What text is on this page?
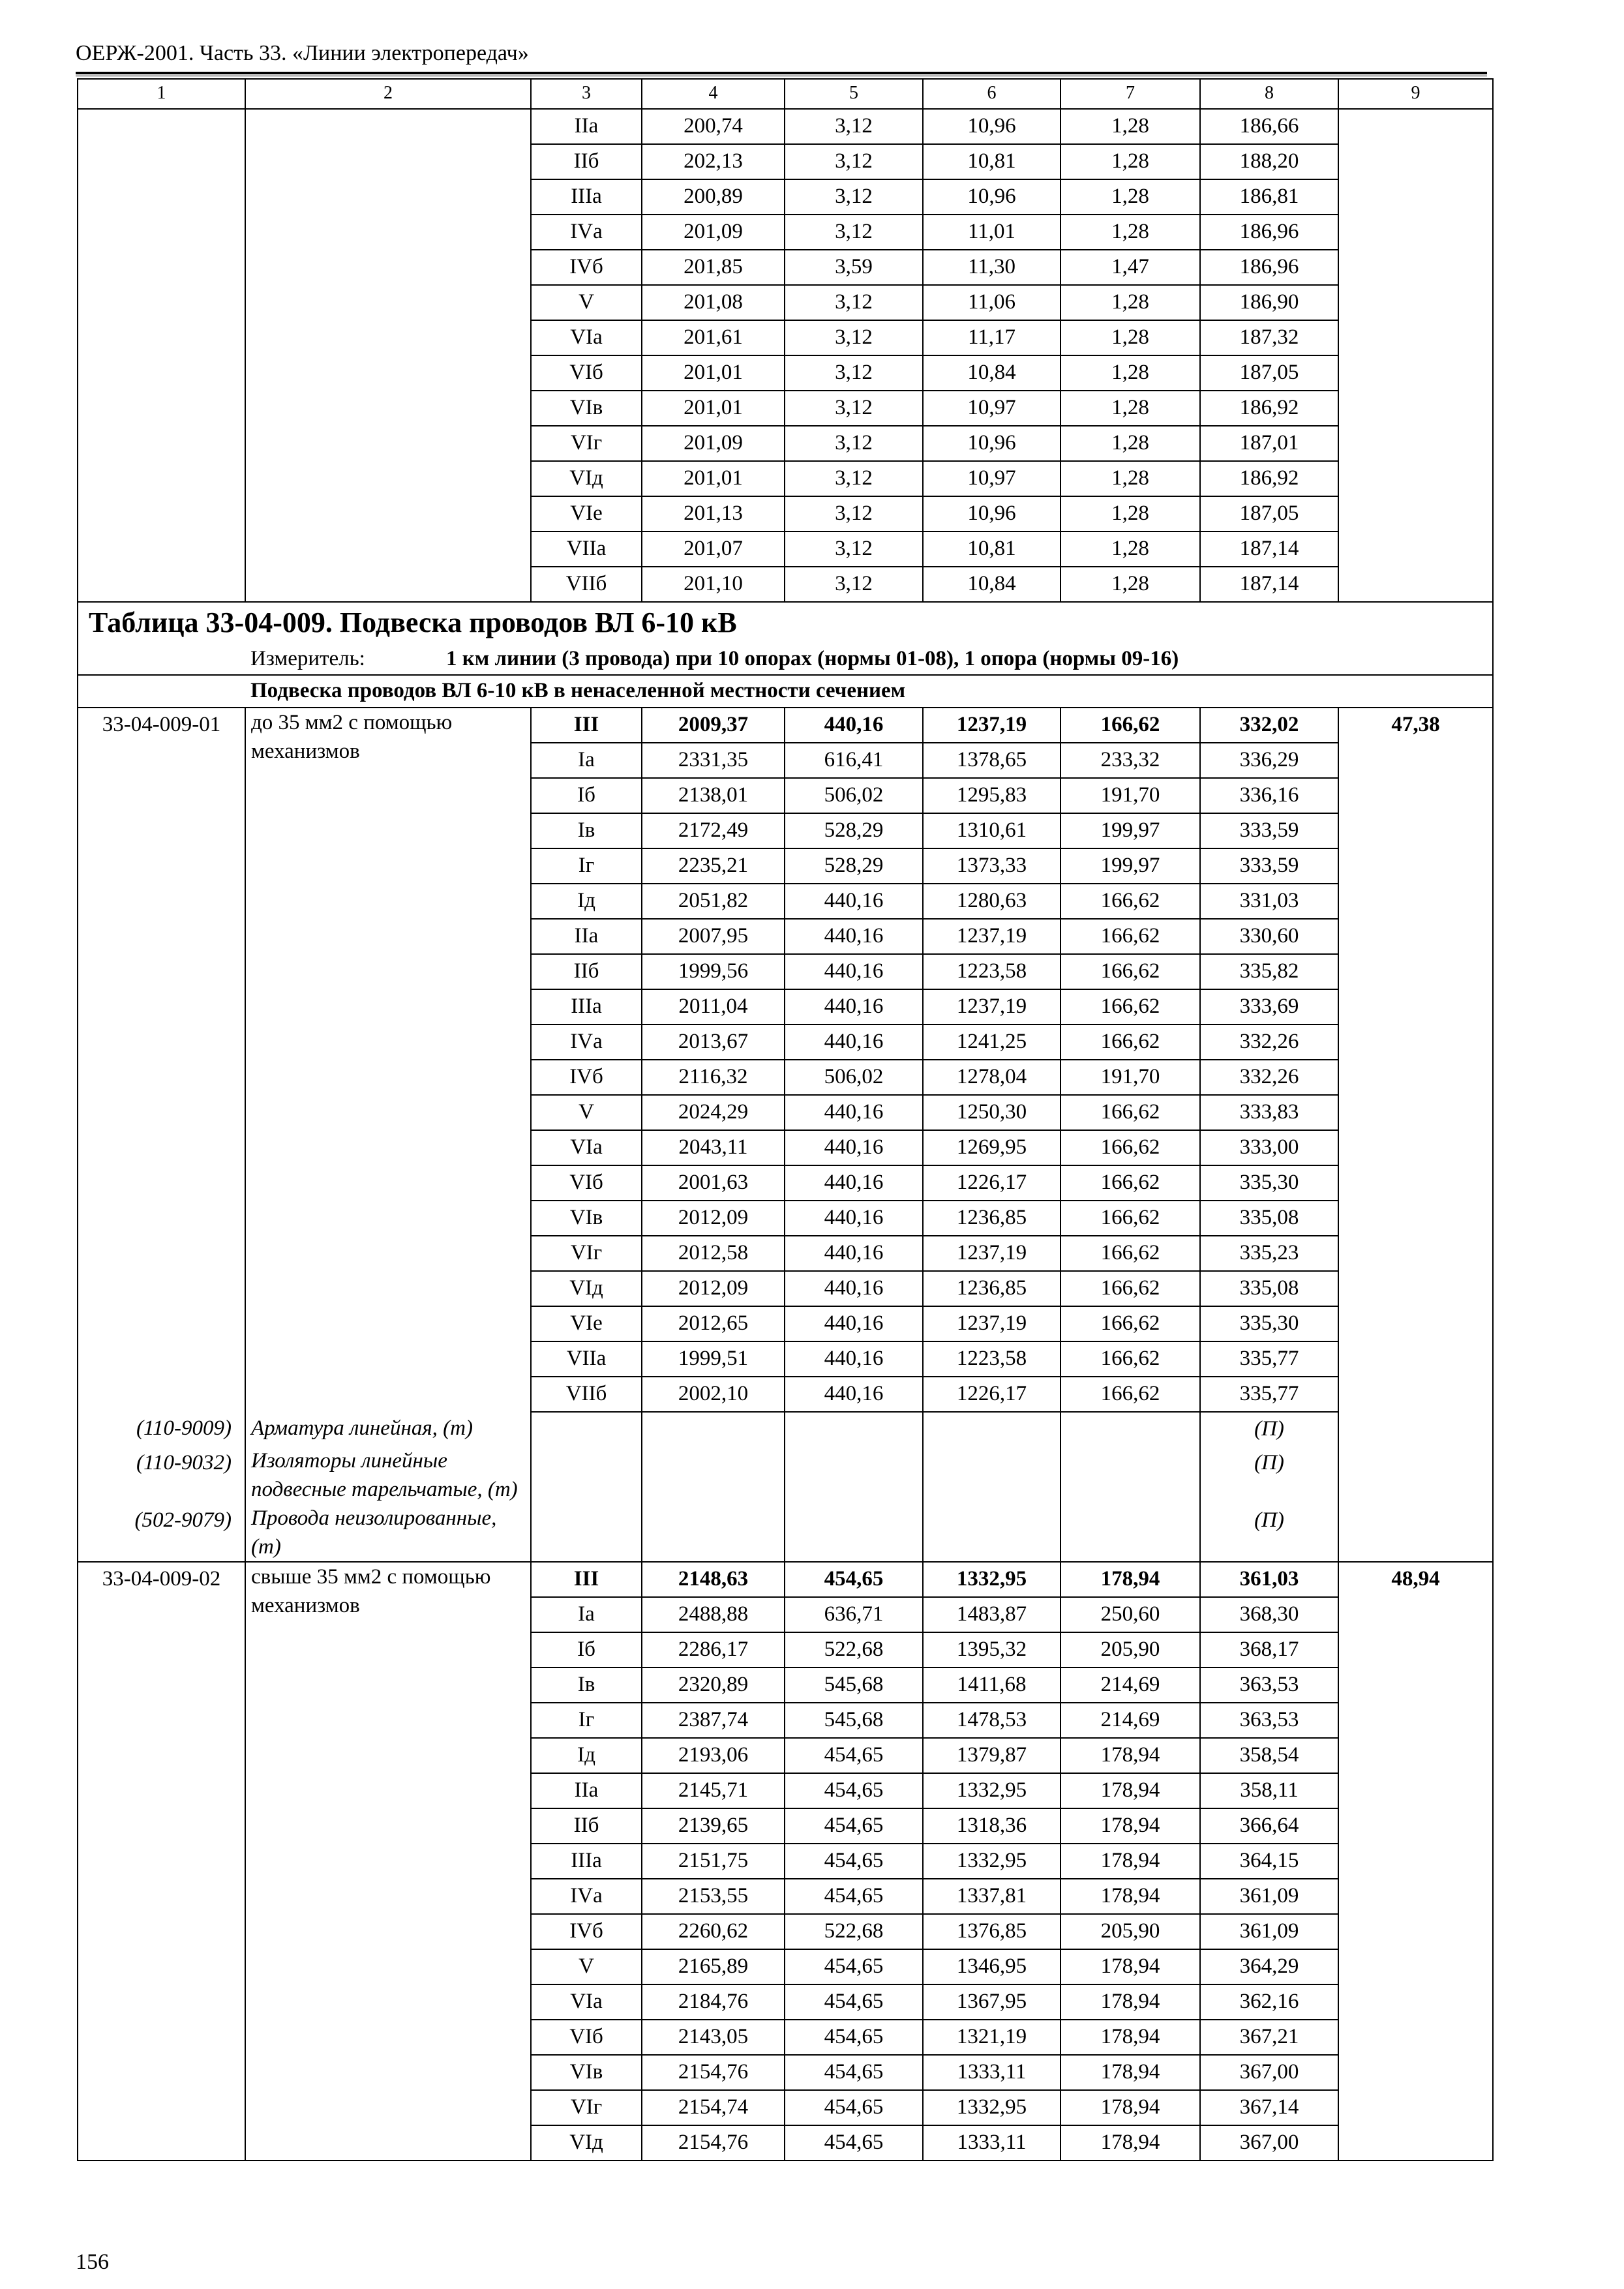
ОЕРЖ-2001. Часть 33. «Линии электропередач»
1	2	3	4	5	6	7	8	9
		IIа	200,74	3,12	10,96	1,28	186,66	
		IIб	202,13	3,12	10,81	1,28	188,20	
		IIIа	200,89	3,12	10,96	1,28	186,81	
		IVа	201,09	3,12	11,01	1,28	186,96	
		IVб	201,85	3,59	11,30	1,47	186,96	
		V	201,08	3,12	11,06	1,28	186,90	
		VIа	201,61	3,12	11,17	1,28	187,32	
		VIб	201,01	3,12	10,84	1,28	187,05	
		VIв	201,01	3,12	10,97	1,28	186,92	
		VIг	201,09	3,12	10,96	1,28	187,01	
		VIд	201,01	3,12	10,97	1,28	186,92	
		VIе	201,13	3,12	10,96	1,28	187,05	
		VIIа	201,07	3,12	10,81	1,28	187,14	
		VIIб	201,10	3,12	10,84	1,28	187,14	

Таблица 33-04-009. Подвеска проводов ВЛ 6-10 кВ								

Измеритель: 1 км линии (3 провода) при 10 опорах (нормы 01-08), 1 опора (нормы 09-16)								

Подвеска проводов ВЛ 6-10 кВ в ненаселенной местности сечением								

33-04-009-01	до 35 мм2 с помощью механизмов	III	2009,37	440,16	1237,19	166,62	332,02	47,38
		Iа	2331,35	616,41	1378,65	233,32	336,29	
		Iб	2138,01	506,02	1295,83	191,70	336,16	
		Iв	2172,49	528,29	1310,61	199,97	333,59	
		Iг	2235,21	528,29	1373,33	199,97	333,59	
		Iд	2051,82	440,16	1280,63	166,62	331,03	
		IIа	2007,95	440,16	1237,19	166,62	330,60	
		IIб	1999,56	440,16	1223,58	166,62	335,82	
		IIIа	2011,04	440,16	1237,19	166,62	333,69	
		IVа	2013,67	440,16	1241,25	166,62	332,26	
		IVб	2116,32	506,02	1278,04	191,70	332,26	
		V	2024,29	440,16	1250,30	166,62	333,83	
		VIа	2043,11	440,16	1269,95	166,62	333,00	
		VIб	2001,63	440,16	1226,17	166,62	335,30	
		VIв	2012,09	440,16	1236,85	166,62	335,08	
		VIг	2012,58	440,16	1237,19	166,62	335,23	
		VIд	2012,09	440,16	1236,85	166,62	335,08	
		VIе	2012,65	440,16	1237,19	166,62	335,30	
		VIIа	1999,51	440,16	1223,58	166,62	335,77	
		VIIб	2002,10	440,16	1226,17	166,62	335,77	
(110-9009)	Арматура линейная, (т)						(П)	
(110-9032)	Изоляторы линейные подвесные тарельчатые, (т)						(П)	
(502-9079)	Провода неизолированные, (т)						(П)	
33-04-009-02	свыше 35 мм2 с помощью механизмов	III	2148,63	454,65	1332,95	178,94	361,03	48,94
		Iа	2488,88	636,71	1483,87	250,60	368,30	
		Iб	2286,17	522,68	1395,32	205,90	368,17	
		Iв	2320,89	545,68	1411,68	214,69	363,53	
		Iг	2387,74	545,68	1478,53	214,69	363,53	
		Iд	2193,06	454,65	1379,87	178,94	358,54	
		IIа	2145,71	454,65	1332,95	178,94	358,11	
		IIб	2139,65	454,65	1318,36	178,94	366,64	
		IIIа	2151,75	454,65	1332,95	178,94	364,15	
		IVа	2153,55	454,65	1337,81	178,94	361,09	
		IVб	2260,62	522,68	1376,85	205,90	361,09	
		V	2165,89	454,65	1346,95	178,94	364,29	
		VIа	2184,76	454,65	1367,95	178,94	362,16	
		VIб	2143,05	454,65	1321,19	178,94	367,21	
		VIв	2154,76	454,65	1333,11	178,94	367,00	
		VIг	2154,74	454,65	1332,95	178,94	367,14	
		VIд	2154,76	454,65	1333,11	178,94	367,00	
156
